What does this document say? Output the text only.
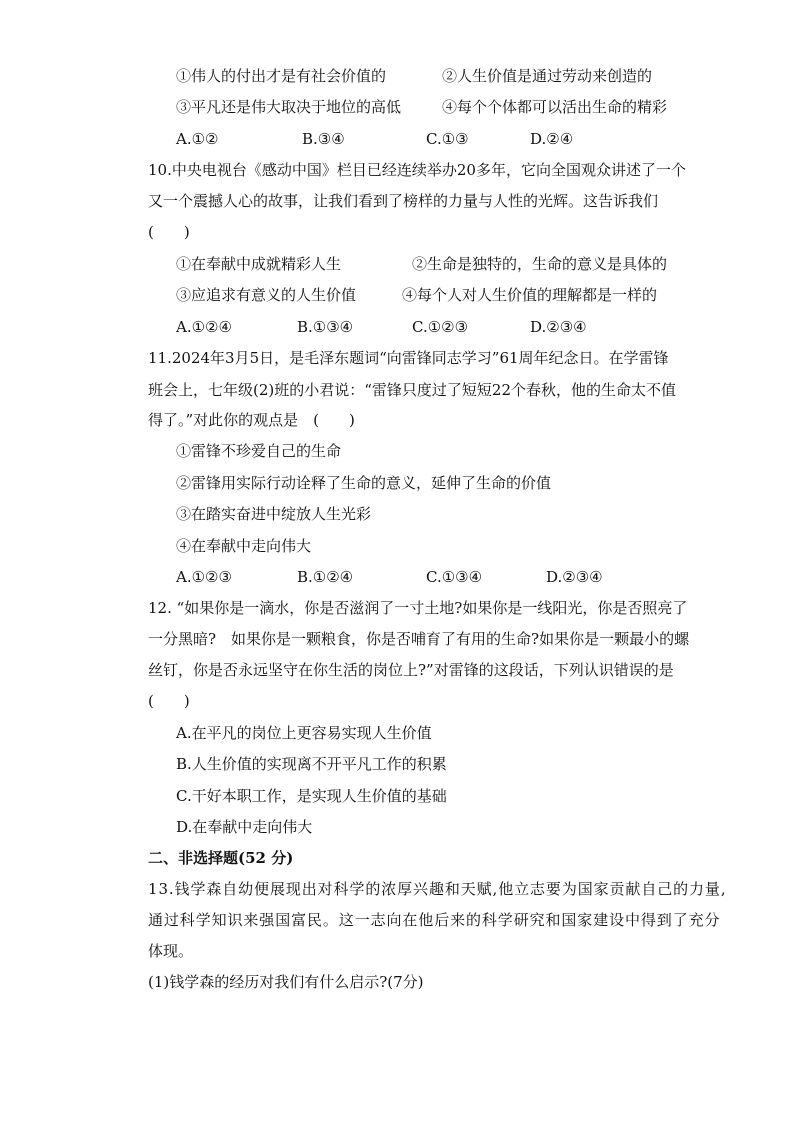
①伟人的付出才是有社会价值的	②人生价值是通过劳动来创造的
③平凡还是伟大取决于地位的高低	④每个个体都可以活出生命的精彩
A.①②	B.③④	C.①③	D.②④
10.中央电视台《感动中国》栏目已经连续举办20多年，它向全国观众讲述了一个
又一个震撼人心的故事，让我们看到了榜样的力量与人性的光辉。这告诉我们
(　　)
①在奉献中成就精彩人生	②生命是独特的，生命的意义是具体的
③应追求有意义的人生价值	④每个人对人生价值的理解都是一样的
A.①②④	B.①③④	C.①②③	D.②③④
11.2024年3月5日，是毛泽东题词“向雷锋同志学习”61周年纪念日。在学雷锋
班会上，七年级(2)班的小君说：“雷锋只度过了短短22个春秋，他的生命太不值
得了。”对此你的观点是　(　　)
①雷锋不珍爱自己的生命
②雷锋用实际行动诠释了生命的意义，延伸了生命的价值
③在踏实奋进中绽放人生光彩
④在奉献中走向伟大
A.①②③	B.①②④	C.①③④	D.②③④
12. “如果你是一滴水，你是否滋润了一寸土地?如果你是一线阳光，你是否照亮了
一分黑暗?　如果你是一颗粮食，你是否哺育了有用的生命?如果你是一颗最小的螺
丝钉，你是否永远坚守在你生活的岗位上?”对雷锋的这段话，下列认识错误的是
(　　)
A.在平凡的岗位上更容易实现人生价值
B.人生价值的实现离不开平凡工作的积累
C.干好本职工作，是实现人生价值的基础
D.在奉献中走向伟大
二、非选择题(52 分)
13.钱学森自幼便展现出对科学的浓厚兴趣和天赋,他立志要为国家贡献自己的力量,
通过科学知识来强国富民。这一志向在他后来的科学研究和国家建设中得到了充分
体现。
(1)钱学森的经历对我们有什么启示?(7分)
